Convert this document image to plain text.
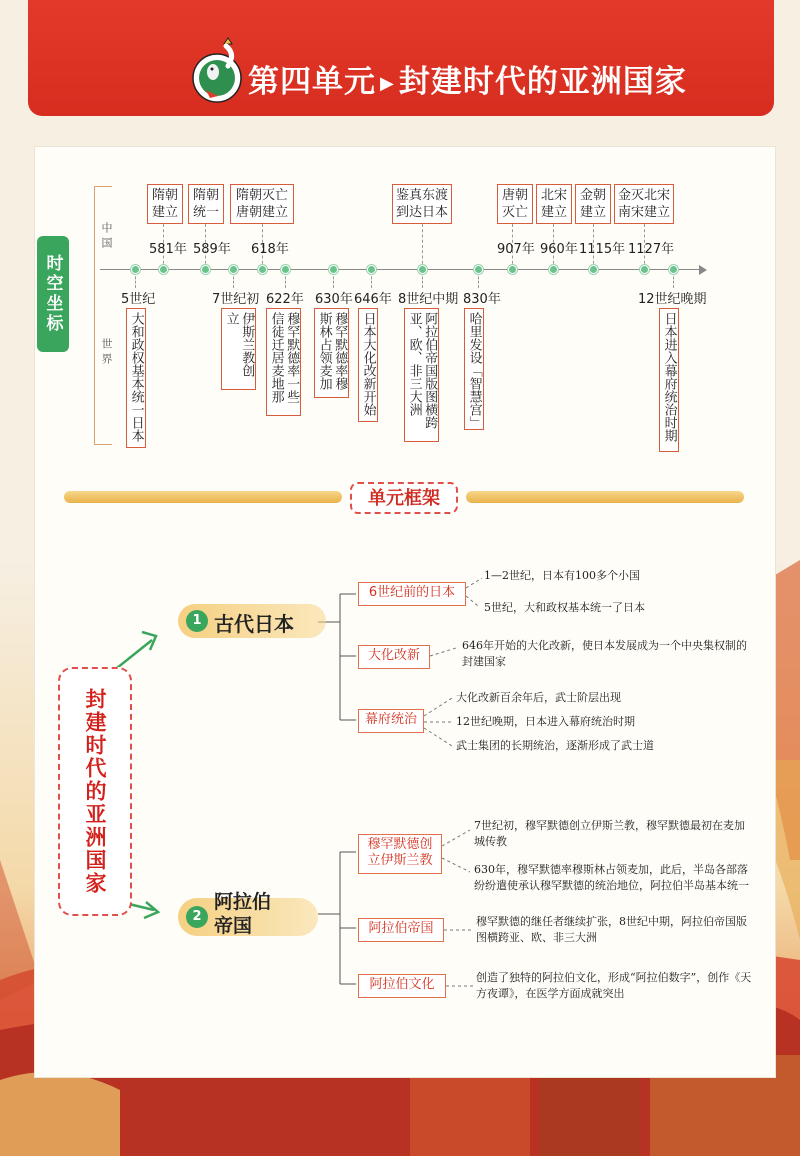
第四单元 ▶ 封建时代的亚洲国家
时空坐标
中国
世界
隋朝
建立
581年
隋朝
统一
589年
隋朝灭亡
唐朝建立
618年
鉴真东渡
到达日本
唐朝
灭亡
907年
北宋
建立
960年
金朝
建立
1115年
金灭北宋
南宋建立
1127年
5世纪
大和政权基本统一日本
7世纪初
伊斯兰教创立
622年
穆罕默德率一些信徒迁居麦地那
630年
穆罕默德率穆斯林占领麦加
646年
日本大化改新开始
8世纪中期
阿拉伯帝国版图横跨亚、欧、非三大洲
830年
哈里发设「智慧宫」
12世纪晚期
日本进入幕府统治时期
单元框架
封建时代的亚洲国家
1 古代日本
2
阿拉伯
帝国
6世纪前的日本
1—2世纪，日本有100多个小国
5世纪，大和政权基本统一了日本
大化改新
646年开始的大化改新，使日本发展成为一个中央集权制的封建国家
幕府统治
大化改新百余年后，武士阶层出现
12世纪晚期，日本进入幕府统治时期
武士集团的长期统治，逐渐形成了武士道
穆罕默德创立伊斯兰教
7世纪初，穆罕默德创立伊斯兰教，穆罕默德最初在麦加城传教
630年，穆罕默德率穆斯林占领麦加，此后，半岛各部落纷纷遣使承认穆罕默德的统治地位，阿拉伯半岛基本统一
阿拉伯帝国	穆罕默德的继任者继续扩张，8世纪中期，阿拉伯帝国版图横跨亚、欧、非三大洲
阿拉伯文化	创造了独特的阿拉伯文化，形成“阿拉伯数字”，创作《天方夜谭》，在医学方面成就突出
